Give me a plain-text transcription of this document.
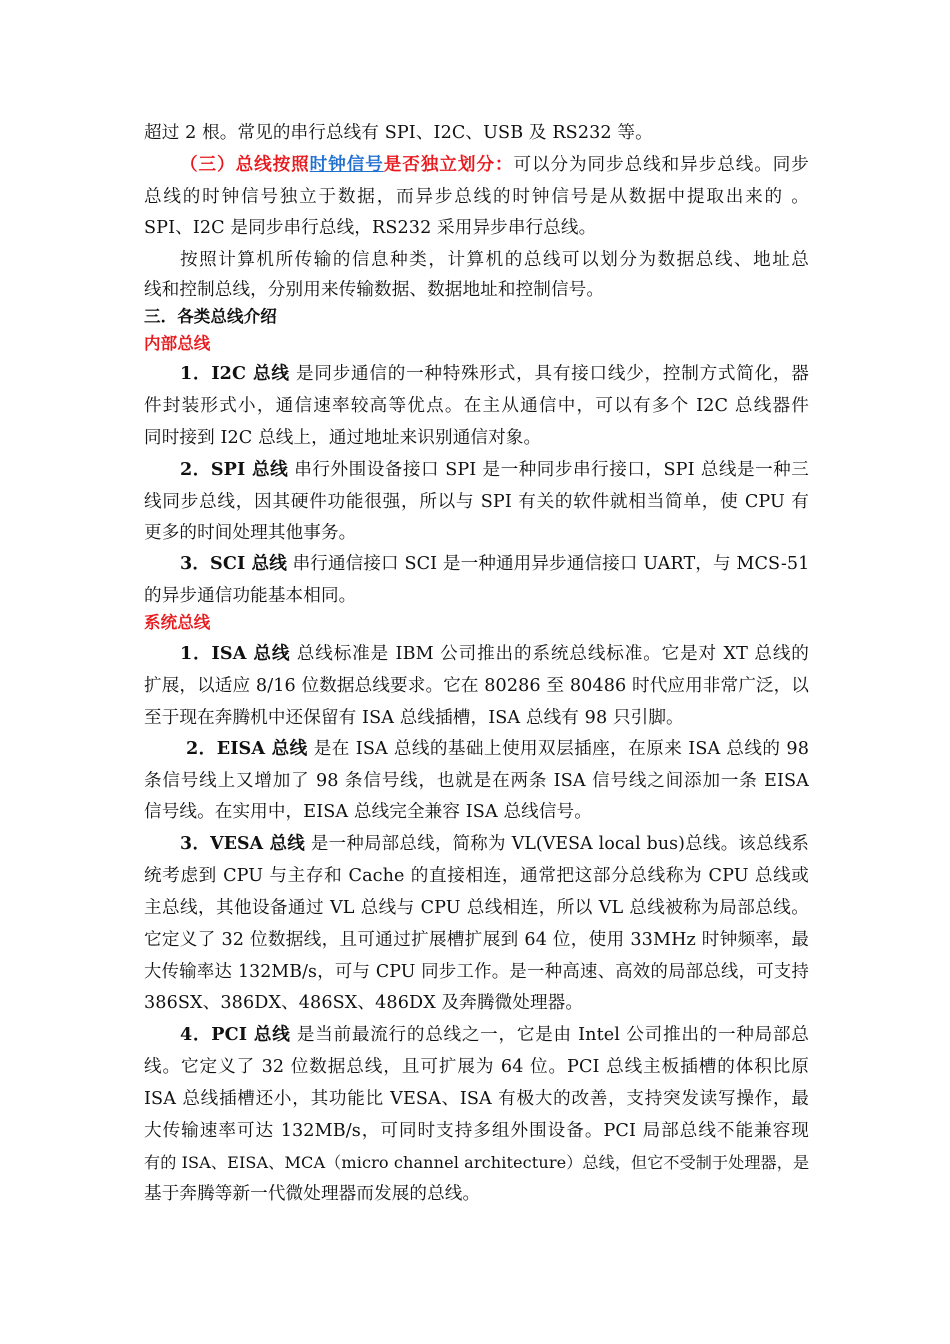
超过 2 根。常见的串行总线有 SPI、I2C、USB 及 RS232 等。
（三）总线按照时钟信号是否独立划分：可以分为同步总线和异步总线。同步
总线的时钟信号独立于数据，而异步总线的时钟信号是从数据中提取出来的 。
SPI、I2C 是同步串行总线，RS232 采用异步串行总线。
按照计算机所传输的信息种类，计算机的总线可以划分为数据总线、地址总
线和控制总线，分别用来传输数据、数据地址和控制信号。
三．各类总线介绍
内部总线
1．I2C 总线 是同步通信的一种特殊形式，具有接口线少，控制方式简化，器
件封装形式小，通信速率较高等优点。在主从通信中，可以有多个 I2C 总线器件
同时接到 I2C 总线上，通过地址来识别通信对象。
2．SPI 总线 串行外围设备接口 SPI 是一种同步串行接口，SPI 总线是一种三
线同步总线，因其硬件功能很强，所以与 SPI 有关的软件就相当简单，使 CPU 有
更多的时间处理其他事务。
3．SCI 总线 串行通信接口 SCI 是一种通用异步通信接口 UART，与 MCS-51
的异步通信功能基本相同。
系统总线
1．ISA 总线 总线标准是 IBM 公司推出的系统总线标准。它是对 XT 总线的
扩展，以适应 8/16 位数据总线要求。它在 80286 至 80486 时代应用非常广泛，以
至于现在奔腾机中还保留有 ISA 总线插槽，ISA 总线有 98 只引脚。
2．EISA 总线 是在 ISA 总线的基础上使用双层插座，在原来 ISA 总线的 98
条信号线上又增加了 98 条信号线，也就是在两条 ISA 信号线之间添加一条 EISA
信号线。在实用中，EISA 总线完全兼容 ISA 总线信号。
3．VESA 总线 是一种局部总线，简称为 VL(VESA local bus)总线。该总线系
统考虑到 CPU 与主存和 Cache 的直接相连，通常把这部分总线称为 CPU 总线或
主总线，其他设备通过 VL 总线与 CPU 总线相连，所以 VL 总线被称为局部总线。
它定义了 32 位数据线，且可通过扩展槽扩展到 64 位，使用 33MHz 时钟频率，最
大传输率达 132MB/s，可与 CPU 同步工作。是一种高速、高效的局部总线，可支持
386SX、386DX、486SX、486DX 及奔腾微处理器。
4．PCI 总线 是当前最流行的总线之一，它是由 Intel 公司推出的一种局部总
线。它定义了 32 位数据总线，且可扩展为 64 位。PCI 总线主板插槽的体积比原
ISA 总线插槽还小，其功能比 VESA、ISA 有极大的改善，支持突发读写操作，最
大传输速率可达 132MB/s，可同时支持多组外围设备。PCI 局部总线不能兼容现
有的 ISA、EISA、MCA（micro channel architecture）总线，但它不受制于处理器，是
基于奔腾等新一代微处理器而发展的总线。
